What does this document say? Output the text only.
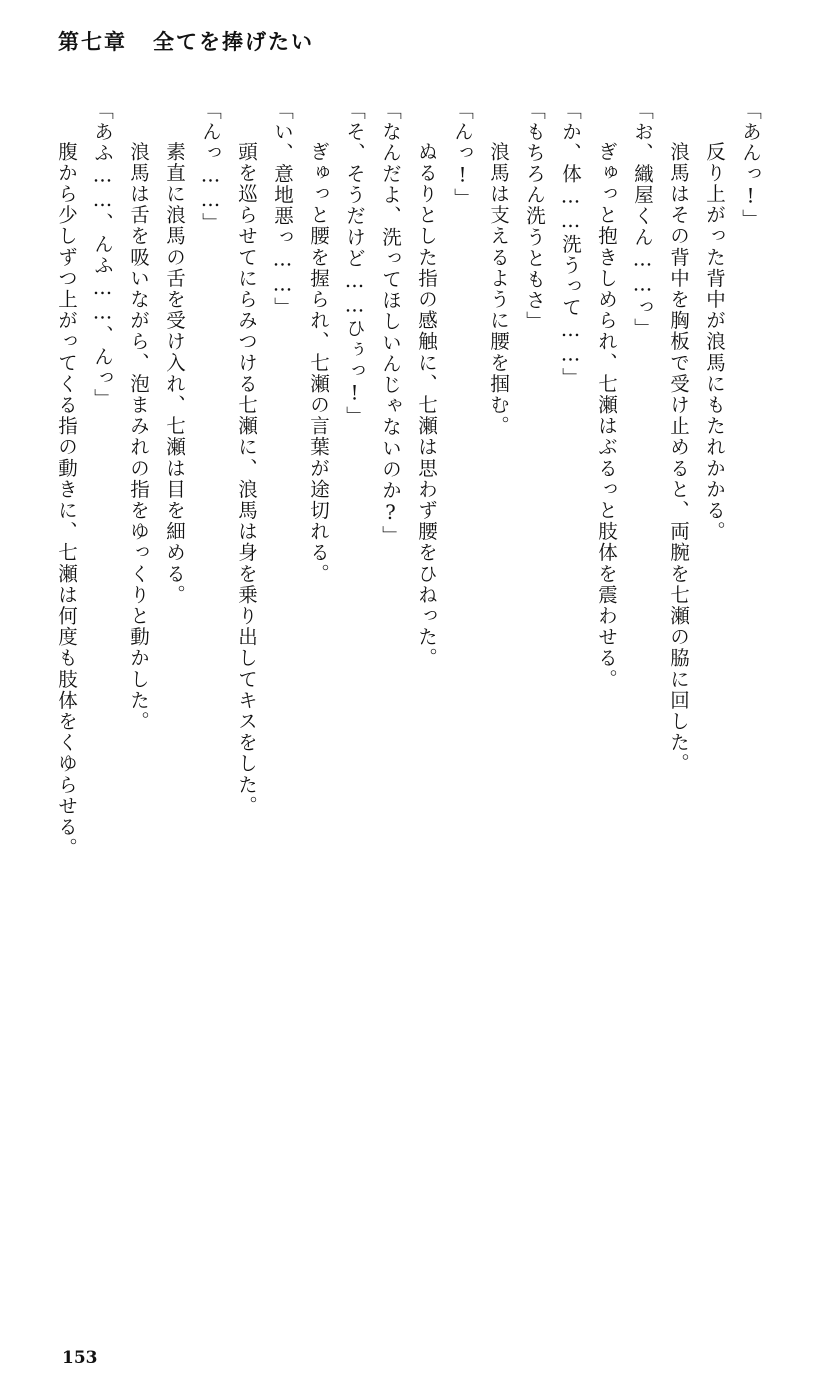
第七章 全てを捧げたい
「あんっ!」
　反り上がった背中が浪馬にもたれかかる。
　浪馬はその背中を胸板で受け止めると、両腕を七瀬の脇に回した。
「お、織屋くん……っ」
　ぎゅっと抱きしめられ、七瀬はぶるっと肢体を震わせる。
「か、体……洗うって……」
「もちろん洗うともさ」
　浪馬は支えるように腰を掴む。
「んっ!」
　ぬるりとした指の感触に、七瀬は思わず腰をひねった。
「なんだよ、洗ってほしいんじゃないのか?」
「そ、そうだけど……ひぅっ!」
　ぎゅっと腰を握られ、七瀬の言葉が途切れる。
「い、意地悪っ……」
　頭を巡らせてにらみつける七瀬に、浪馬は身を乗り出してキスをした。
「んっ……」
　素直に浪馬の舌を受け入れ、七瀬は目を細める。
　浪馬は舌を吸いながら、泡まみれの指をゆっくりと動かした。
「あふ……、んふ……、んっ」
　腹から少しずつ上がってくる指の動きに、七瀬は何度も肢体をくゆらせる。
153
